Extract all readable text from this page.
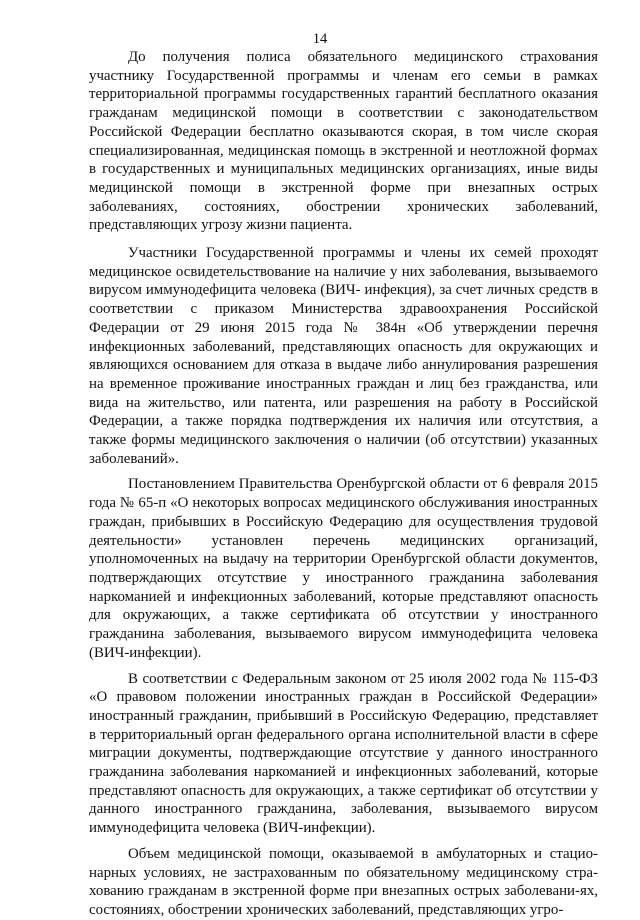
14

До получения полиса обязательного медицинского страхования участнику Государственной программы и членам его семьи в рамках территориальной программы государственных гарантий бесплатного оказания гражданам медицинской помощи в соответствии с законодательством Российской Федерации бесплатно оказываются скорая, в том числе скорая специализированная, медицинская помощь в экстренной и неотложной формах в государственных и муниципальных медицинских организациях, иные виды медицинской помощи в экстренной форме при внезапных острых заболеваниях, состояниях, обострении хронических заболеваний, представляющих угрозу жизни пациента.

Участники Государственной программы и члены их семей проходят медицинское освидетельствование на наличие у них заболевания, вызываемого вирусом иммунодефицита человека (ВИЧ- инфекция), за счет личных средств в соответствии с приказом Министерства здравоохранения Российской Федерации от 29 июня 2015 года № 384н «Об утверждении перечня инфекционных заболеваний, представляющих опасность для окружающих и являющихся основанием для отказа в выдаче либо аннулирования разрешения на временное проживание иностранных граждан и лиц без гражданства, или вида на жительство, или патента, или разрешения на работу в Российской Федерации, а также порядка подтверждения их наличия или отсутствия, а также формы медицинского заключения о наличии (об отсутствии) указанных заболеваний».

Постановлением Правительства Оренбургской области от 6 февраля 2015 года № 65-п «О некоторых вопросах медицинского обслуживания иностранных граждан, прибывших в Российскую Федерацию для осуществления трудовой деятельности» установлен перечень медицинских организаций, уполномоченных на выдачу на территории Оренбургской области документов, подтверждающих отсутствие у иностранного гражданина заболевания наркоманией и инфекционных заболеваний, которые представляют опасность для окружающих, а также сертификата об отсутствии у иностранного гражданина заболевания, вызываемого вирусом иммунодефицита человека (ВИЧ-инфекции).

В соответствии с Федеральным законом от 25 июля 2002 года № 115-ФЗ «О правовом положении иностранных граждан в Российской Федерации» иностранный гражданин, прибывший в Российскую Федерацию, представляет в территориальный орган федерального органа исполнительной власти в сфере миграции документы, подтверждающие отсутствие у данного иностранного гражданина заболевания наркоманией и инфекционных заболеваний, которые представляют опасность для окружающих, а также сертификат об отсутствии у данного иностранного гражданина, заболевания, вызываемого вирусом иммунодефицита человека (ВИЧ-инфекции).

Объем медицинской помощи, оказываемой в амбулаторных и стацио-нарных условиях, не застрахованным по обязательному медицинскому стра-хованию гражданам в экстренной форме при внезапных острых заболевани-ях, состояниях, обострении хронических заболеваний, представляющих угро-
